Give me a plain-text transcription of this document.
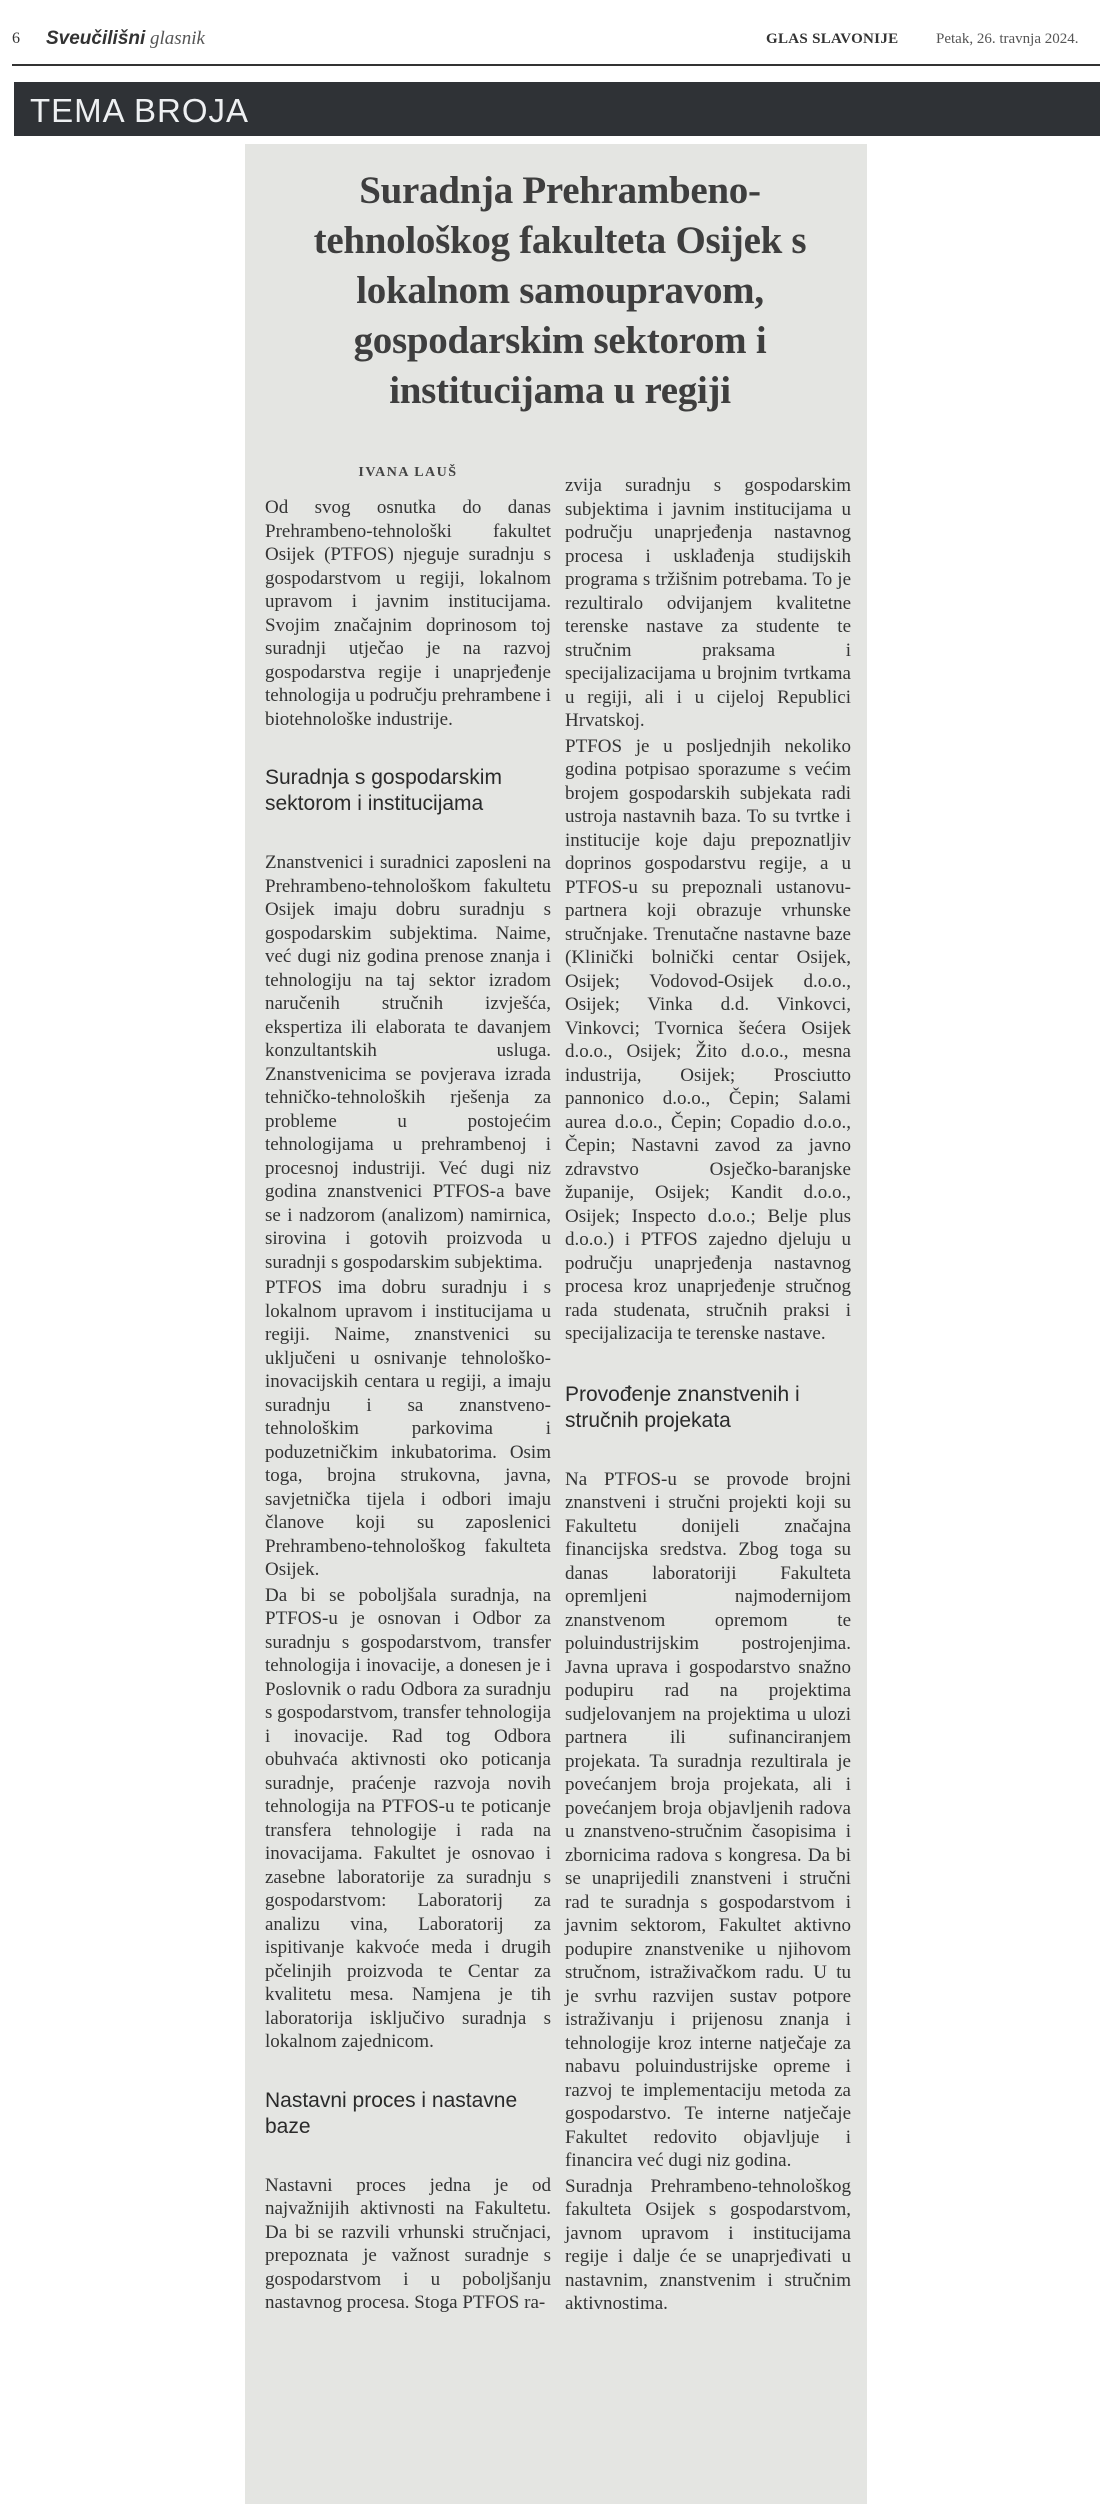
6 Sveučilišni glasnik	GLAS SLAVONIJE	Petak, 26. travnja 2024.
TEMA BROJA
Suradnja Prehrambeno-tehnološkog fakulteta Osijek s lokalnom samoupravom, gospodarskim sektorom i institucijama u regiji
IVANA LAUŠ

Od svog osnutka do danas Prehrambeno-tehnološki fakultet Osijek (PTFOS) njeguje suradnju s gospodarstvom u regiji, lokalnom upravom i javnim institucijama. Svojim značajnim doprinosom toj suradnji utječao je na razvoj gospodarstva regije i unaprjeđenje tehnologija u području prehrambene i biotehnološke industrije.

Suradnja s gospodarskim sektorom i institucijama

Znanstvenici i suradnici zaposleni na Prehrambeno-tehnološkom fakultetu Osijek imaju dobru suradnju s gospodarskim subjektima. Naime, već dugi niz godina prenose znanja i tehnologiju na taj sektor izradom naručenih stručnih izvješća, ekspertiza ili elaborata te davanjem konzultantskih usluga. Znanstvenicima se povjerava izrada tehničko-tehnoloških rješenja za probleme u postojećim tehnologijama u prehrambenoj i procesnoj industriji. Već dugi niz godina znanstvenici PTFOS-a bave se i nadzorom (analizom) namirnica, sirovina i gotovih proizvoda u suradnji s gospodarskim subjektima.

PTFOS ima dobru suradnju i s lokalnom upravom i institucijama u regiji. Naime, znanstvenici su uključeni u osnivanje tehnološko-inovacijskih centara u regiji, a imaju suradnju i sa znanstveno-tehnološkim parkovima i poduzetničkim inkubatorima. Osim toga, brojna strukovna, javna, savjetnička tijela i odbori imaju članove koji su zaposlenici Prehrambeno-tehnološkog fakulteta Osijek.

Da bi se poboljšala suradnja, na PTFOS-u je osnovan i Odbor za suradnju s gospodarstvom, transfer tehnologija i inovacije, a donesen je i Poslovnik o radu Odbora za suradnju s gospodarstvom, transfer tehnologija i inovacije. Rad tog Odbora obuhvaća aktivnosti oko poticanja suradnje, praćenje razvoja novih tehnologija na PTFOS-u te poticanje transfera tehnologije i rada na inovacijama. Fakultet je osnovao i zasebne laboratorije za suradnju s gospodarstvom: Laboratorij za analizu vina, Laboratorij za ispitivanje kakvoće meda i drugih pčelinjih proizvoda te Centar za kvalitetu mesa. Namjena je tih laboratorija isključivo suradnja s lokalnom zajednicom.

Nastavni proces i nastavne baze

Nastavni proces jedna je od najvažnijih aktivnosti na Fakultetu. Da bi se razvili vrhunski stručnjaci, prepoznata je važnost suradnje s gospodarstvom i u poboljšanju nastavnog procesa. Stoga PTFOS ra-

zvija suradnju s gospodarskim subjektima i javnim institucijama u području unaprjeđenja nastavnog procesa i usklađenja studijskih programa s tržišnim potrebama. To je rezultiralo odvijanjem kvalitetne terenske nastave za studente te stručnim praksama i specijalizacijama u brojnim tvrtkama u regiji, ali i u cijeloj Republici Hrvatskoj.

PTFOS je u posljednjih nekoliko godina potpisao sporazume s većim brojem gospodarskih subjekata radi ustroja nastavnih baza. To su tvrtke i institucije koje daju prepoznatljiv doprinos gospodarstvu regije, a u PTFOS-u su prepoznali ustanovu-partnera koji obrazuje vrhunske stručnjake. Trenutačne nastavne baze (Klinički bolnički centar Osijek, Osijek; Vodovod-Osijek d.o.o., Osijek; Vinka d.d. Vinkovci, Vinkovci; Tvornica šećera Osijek d.o.o., Osijek; Žito d.o.o., mesna industrija, Osijek; Prosciutto pannonico d.o.o., Čepin; Salami aurea d.o.o., Čepin; Copadio d.o.o., Čepin; Nastavni zavod za javno zdravstvo Osječko-baranjske županije, Osijek; Kandit d.o.o., Osijek; Inspecto d.o.o.; Belje plus d.o.o.) i PTFOS zajedno djeluju u području unaprjeđenja nastavnog procesa kroz unaprjeđenje stručnog rada studenata, stručnih praksi i specijalizacija te terenske nastave.

Provođenje znanstvenih i stručnih projekata

Na PTFOS-u se provode brojni znanstveni i stručni projekti koji su Fakultetu donijeli značajna financijska sredstva. Zbog toga su danas laboratoriji Fakulteta opremljeni najmodernijom znanstvenom opremom te poluindustrijskim postrojenjima. Javna uprava i gospodarstvo snažno podupiru rad na projektima sudjelovanjem na projektima u ulozi partnera ili sufinanciranjem projekata. Ta suradnja rezultirala je povećanjem broja projekata, ali i povećanjem broja objavljenih radova u znanstveno-stručnim časopisima i zbornicima radova s kongresa. Da bi se unaprijedili znanstveni i stručni rad te suradnja s gospodarstvom i javnim sektorom, Fakultet aktivno podupire znanstvenike u njihovom stručnom, istraživačkom radu. U tu je svrhu razvijen sustav potpore istraživanju i prijenosu znanja i tehnologije kroz interne natječaje za nabavu poluindustrijske opreme i razvoj te implementaciju metoda za gospodarstvo. Te interne natječaje Fakultet redovito objavljuje i financira već dugi niz godina.

Suradnja Prehrambeno-tehnološkog fakulteta Osijek s gospodarstvom, javnom upravom i institucijama regije i dalje će se unaprjeđivati u nastavnim, znanstvenim i stručnim aktivnostima.
